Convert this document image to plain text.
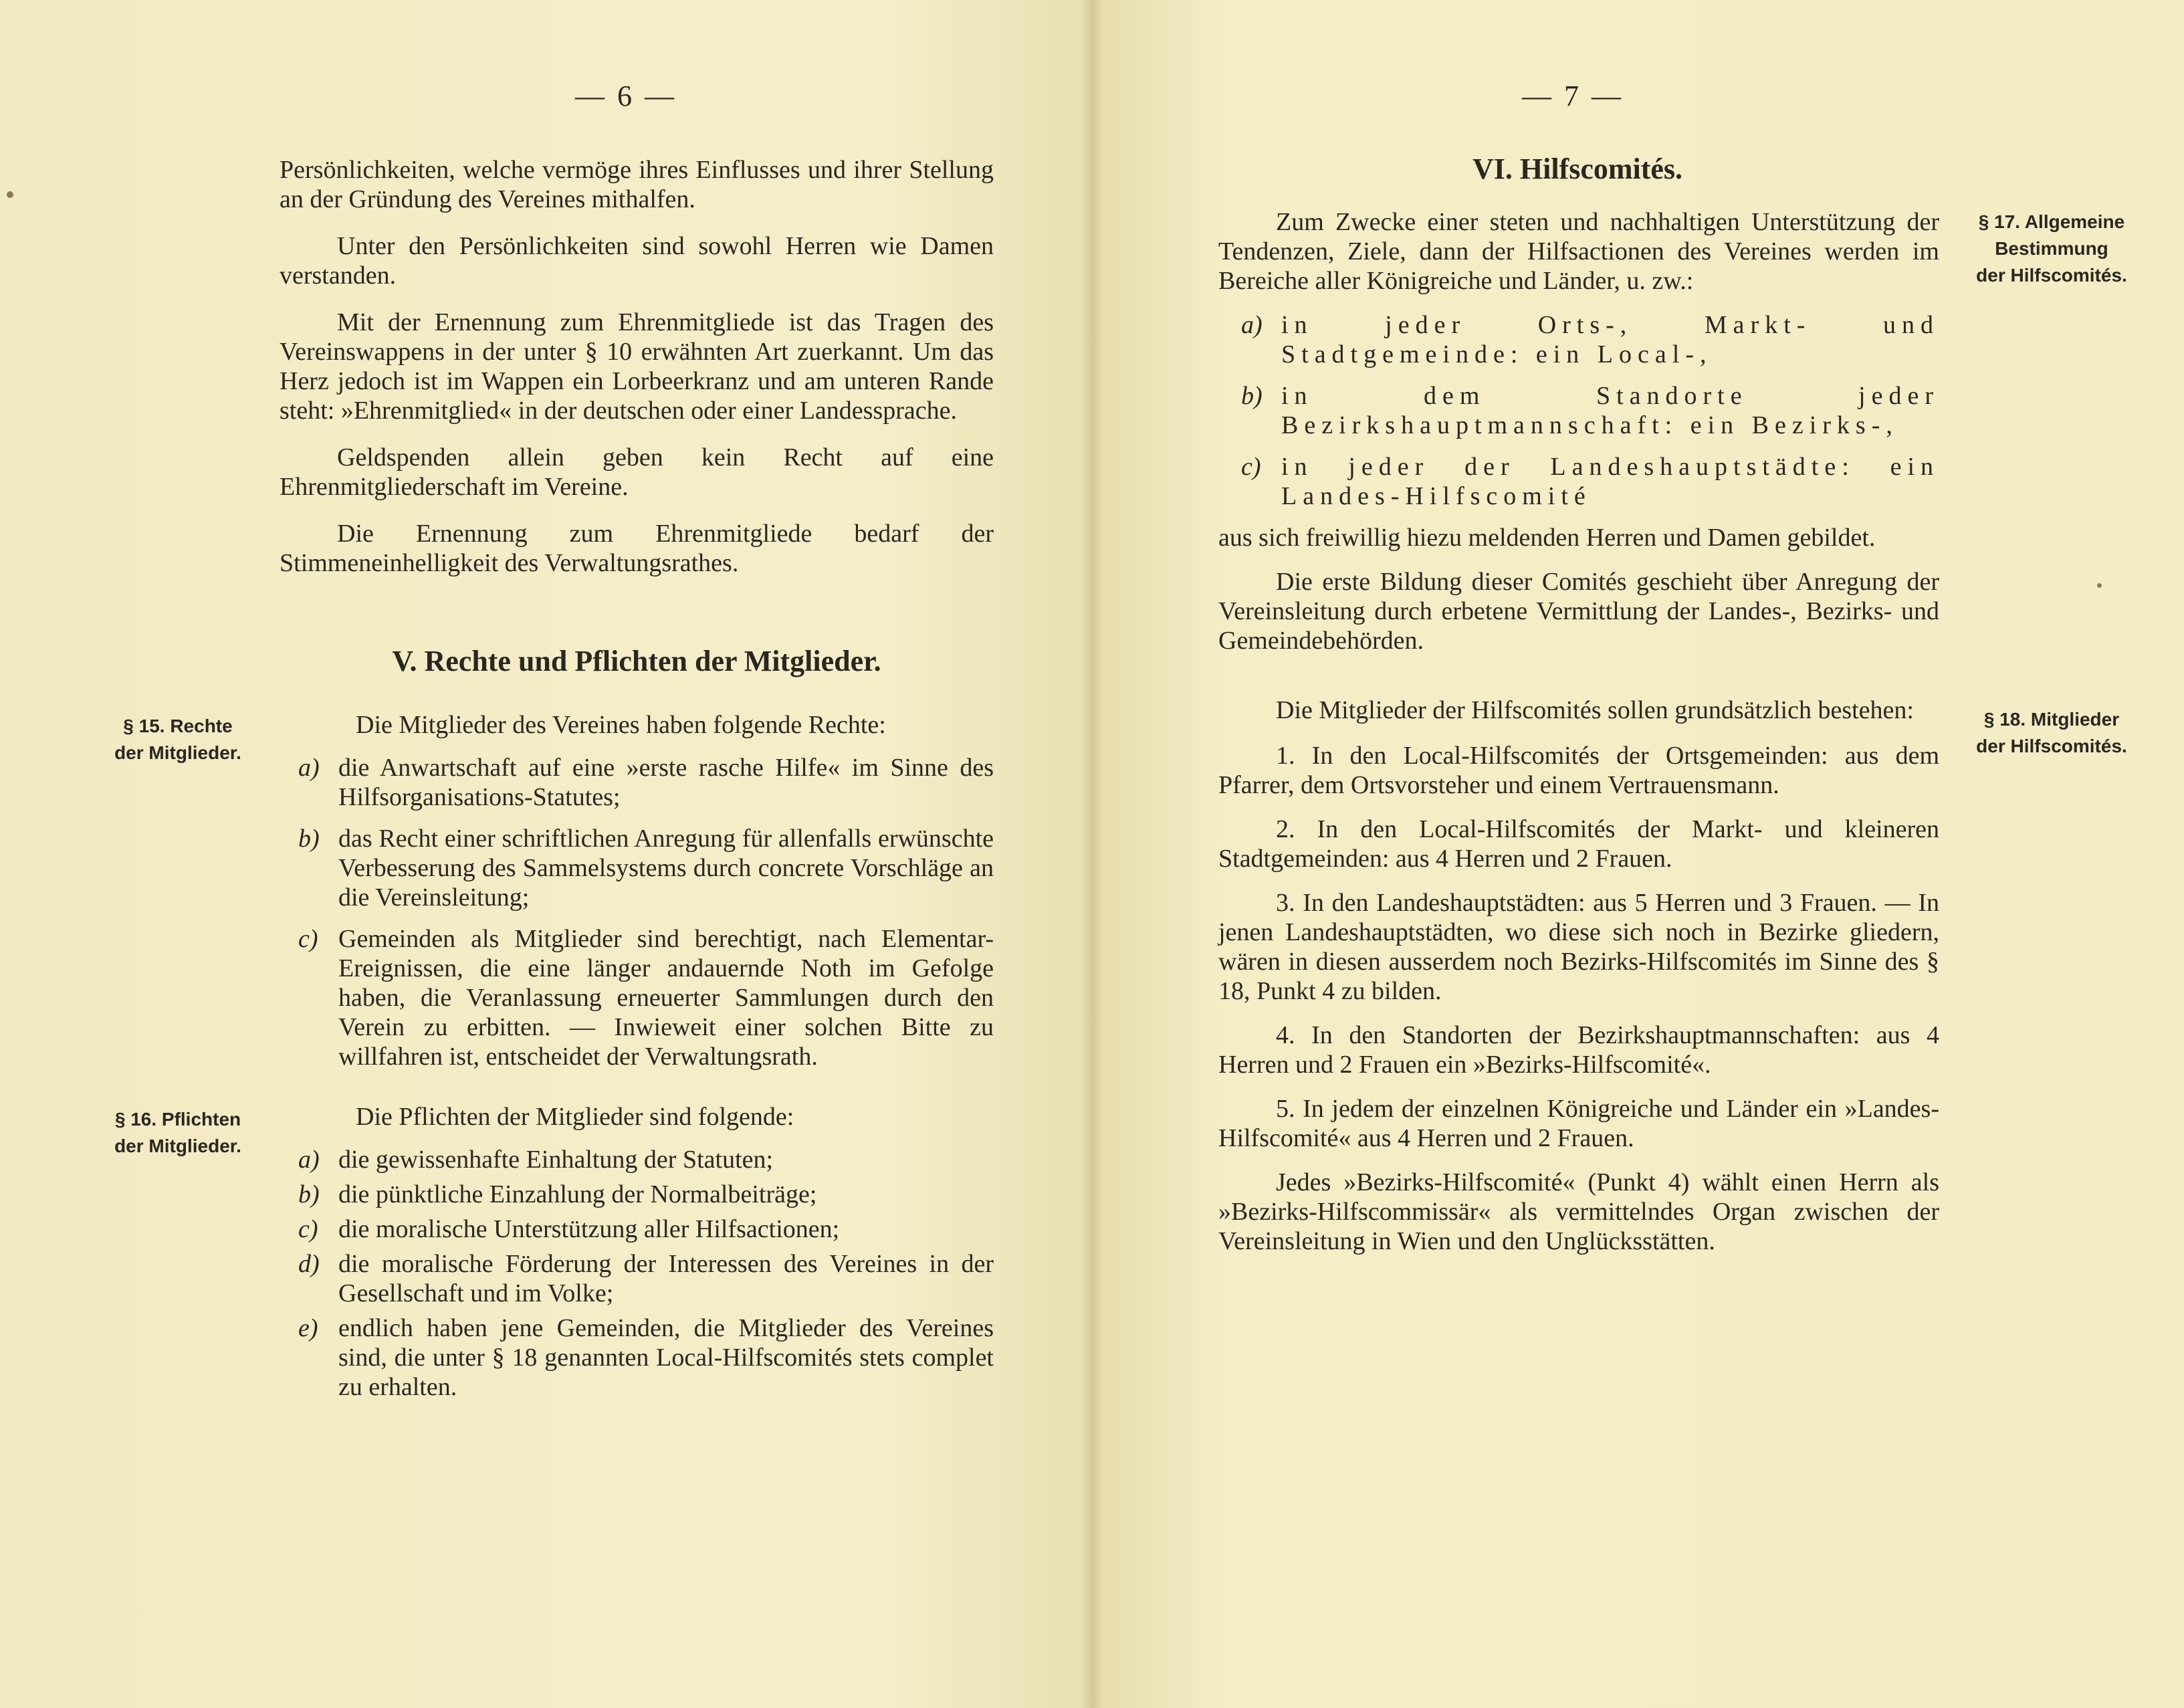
— 6 —

Persönlichkeiten, welche vermöge ihres Einflusses und ihrer Stellung an der Gründung des Vereines mithalfen.

Unter den Persönlichkeiten sind sowohl Herren wie Damen verstanden.

Mit der Ernennung zum Ehrenmitgliede ist das Tragen des Vereinswappens in der unter § 10 erwähnten Art zuerkannt. Um das Herz jedoch ist im Wappen ein Lorbeerkranz und am unteren Rande steht: »Ehrenmitglied« in der deutschen oder einer Landessprache.

Geldspenden allein geben kein Recht auf eine Ehrenmitgliederschaft im Vereine.

Die Ernennung zum Ehrenmitgliede bedarf der Stimmeneinhelligkeit des Verwaltungsrathes.

V. Rechte und Pflichten der Mitglieder.
§ 15. Rechte
der Mitglieder.

Die Mitglieder des Vereines haben folgende Rechte:

a) die Anwartschaft auf eine »erste rasche Hilfe« im Sinne des Hilfsorganisations-Statutes;

b) das Recht einer schriftlichen Anregung für allenfalls erwünschte Verbesserung des Sammelsystems durch concrete Vorschläge an die Vereinsleitung;

c) Gemeinden als Mitglieder sind berechtigt, nach Elementar-Ereignissen, die eine länger andauernde Noth im Gefolge haben, die Veranlassung erneuerter Sammlungen durch den Verein zu erbitten. — Inwieweit einer solchen Bitte zu willfahren ist, entscheidet der Verwaltungsrath.

§ 16. Pflichten
der Mitglieder.

Die Pflichten der Mitglieder sind folgende:

a) die gewissenhafte Einhaltung der Statuten;

b) die pünktliche Einzahlung der Normalbeiträge;

c) die moralische Unterstützung aller Hilfsactionen;

d) die moralische Förderung der Interessen des Vereines in der Gesellschaft und im Volke;

e) endlich haben jene Gemeinden, die Mitglieder des Vereines sind, die unter § 18 genannten Local-Hilfscomités stets complet zu erhalten.

— 7 —
VI. Hilfscomités.
§ 17. Allgemeine
Bestimmung
der Hilfscomités.

Zum Zwecke einer steten und nachhaltigen Unterstützung der Tendenzen, Ziele, dann der Hilfsactionen des Vereines werden im Bereiche aller Königreiche und Länder, u. zw.:

a) in jeder Orts-, Markt- und Stadtgemeinde: ein Local-,

b) in dem Standorte jeder Bezirkshauptmannschaft: ein Bezirks-,

c) in jeder der Landeshauptstädte: ein Landes-Hilfscomité

aus sich freiwillig hiezu meldenden Herren und Damen gebildet.

Die erste Bildung dieser Comités geschieht über Anregung der Vereinsleitung durch erbetene Vermittlung der Landes-, Bezirks- und Gemeindebehörden.

§ 18. Mitglieder
der Hilfscomités.

Die Mitglieder der Hilfscomités sollen grundsätzlich bestehen:

1. In den Local-Hilfscomités der Ortsgemeinden: aus dem Pfarrer, dem Ortsvorsteher und einem Vertrauensmann.

2. In den Local-Hilfscomités der Markt- und kleineren Stadtgemeinden: aus 4 Herren und 2 Frauen.

3. In den Landeshauptstädten: aus 5 Herren und 3 Frauen. — In jenen Landeshauptstädten, wo diese sich noch in Bezirke gliedern, wären in diesen ausserdem noch Bezirks-Hilfscomités im Sinne des § 18, Punkt 4 zu bilden.

4. In den Standorten der Bezirkshauptmannschaften: aus 4 Herren und 2 Frauen ein »Bezirks-Hilfscomité«.

5. In jedem der einzelnen Königreiche und Länder ein »Landes-Hilfscomité« aus 4 Herren und 2 Frauen.

Jedes »Bezirks-Hilfscomité« (Punkt 4) wählt einen Herrn als »Bezirks-Hilfscommissär« als vermittelndes Organ zwischen der Vereinsleitung in Wien und den Unglücksstätten.
